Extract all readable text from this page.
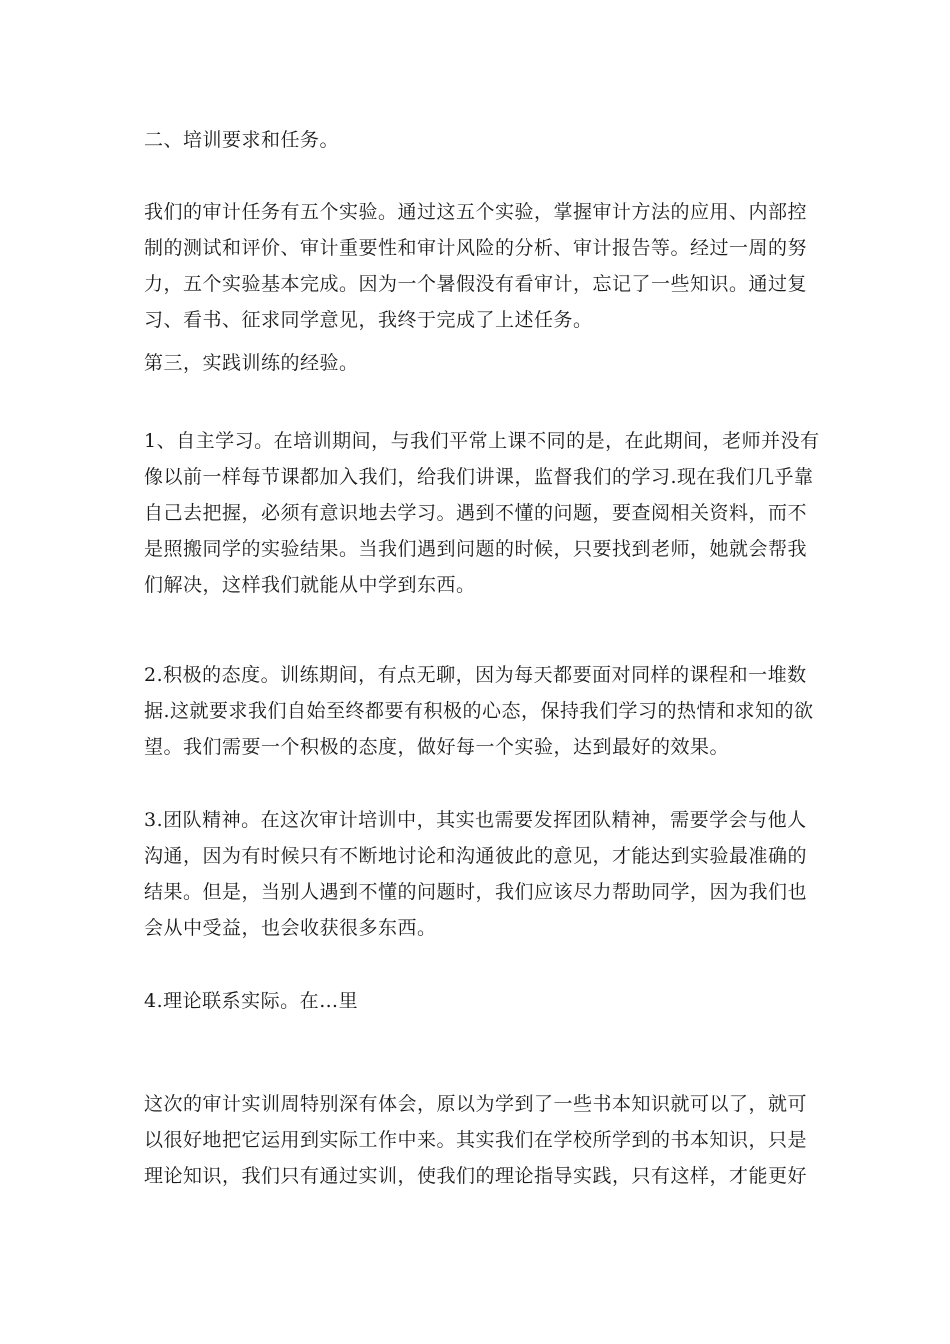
二、培训要求和任务。

我们的审计任务有五个实验。通过这五个实验，掌握审计方法的应用、内部控
制的测试和评价、审计重要性和审计风险的分析、审计报告等。经过一周的努
力，五个实验基本完成。因为一个暑假没有看审计，忘记了一些知识。通过复
习、看书、征求同学意见，我终于完成了上述任务。

第三，实践训练的经验。

1、自主学习。在培训期间，与我们平常上课不同的是，在此期间，老师并没有
像以前一样每节课都加入我们，给我们讲课，监督我们的学习.现在我们几乎靠
自己去把握，必须有意识地去学习。遇到不懂的问题，要查阅相关资料，而不
是照搬同学的实验结果。当我们遇到问题的时候，只要找到老师，她就会帮我
们解决，这样我们就能从中学到东西。

2.积极的态度。训练期间，有点无聊，因为每天都要面对同样的课程和一堆数
据.这就要求我们自始至终都要有积极的心态，保持我们学习的热情和求知的欲
望。我们需要一个积极的态度，做好每一个实验，达到最好的效果。

3.团队精神。在这次审计培训中，其实也需要发挥团队精神，需要学会与他人
沟通，因为有时候只有不断地讨论和沟通彼此的意见，才能达到实验最准确的
结果。但是，当别人遇到不懂的问题时，我们应该尽力帮助同学，因为我们也
会从中受益，也会收获很多东西。

4.理论联系实际。在…里

这次的审计实训周特别深有体会，原以为学到了一些书本知识就可以了，就可
以很好地把它运用到实际工作中来。其实我们在学校所学到的书本知识，只是
理论知识，我们只有通过实训，使我们的理论指导实践，只有这样，才能更好
